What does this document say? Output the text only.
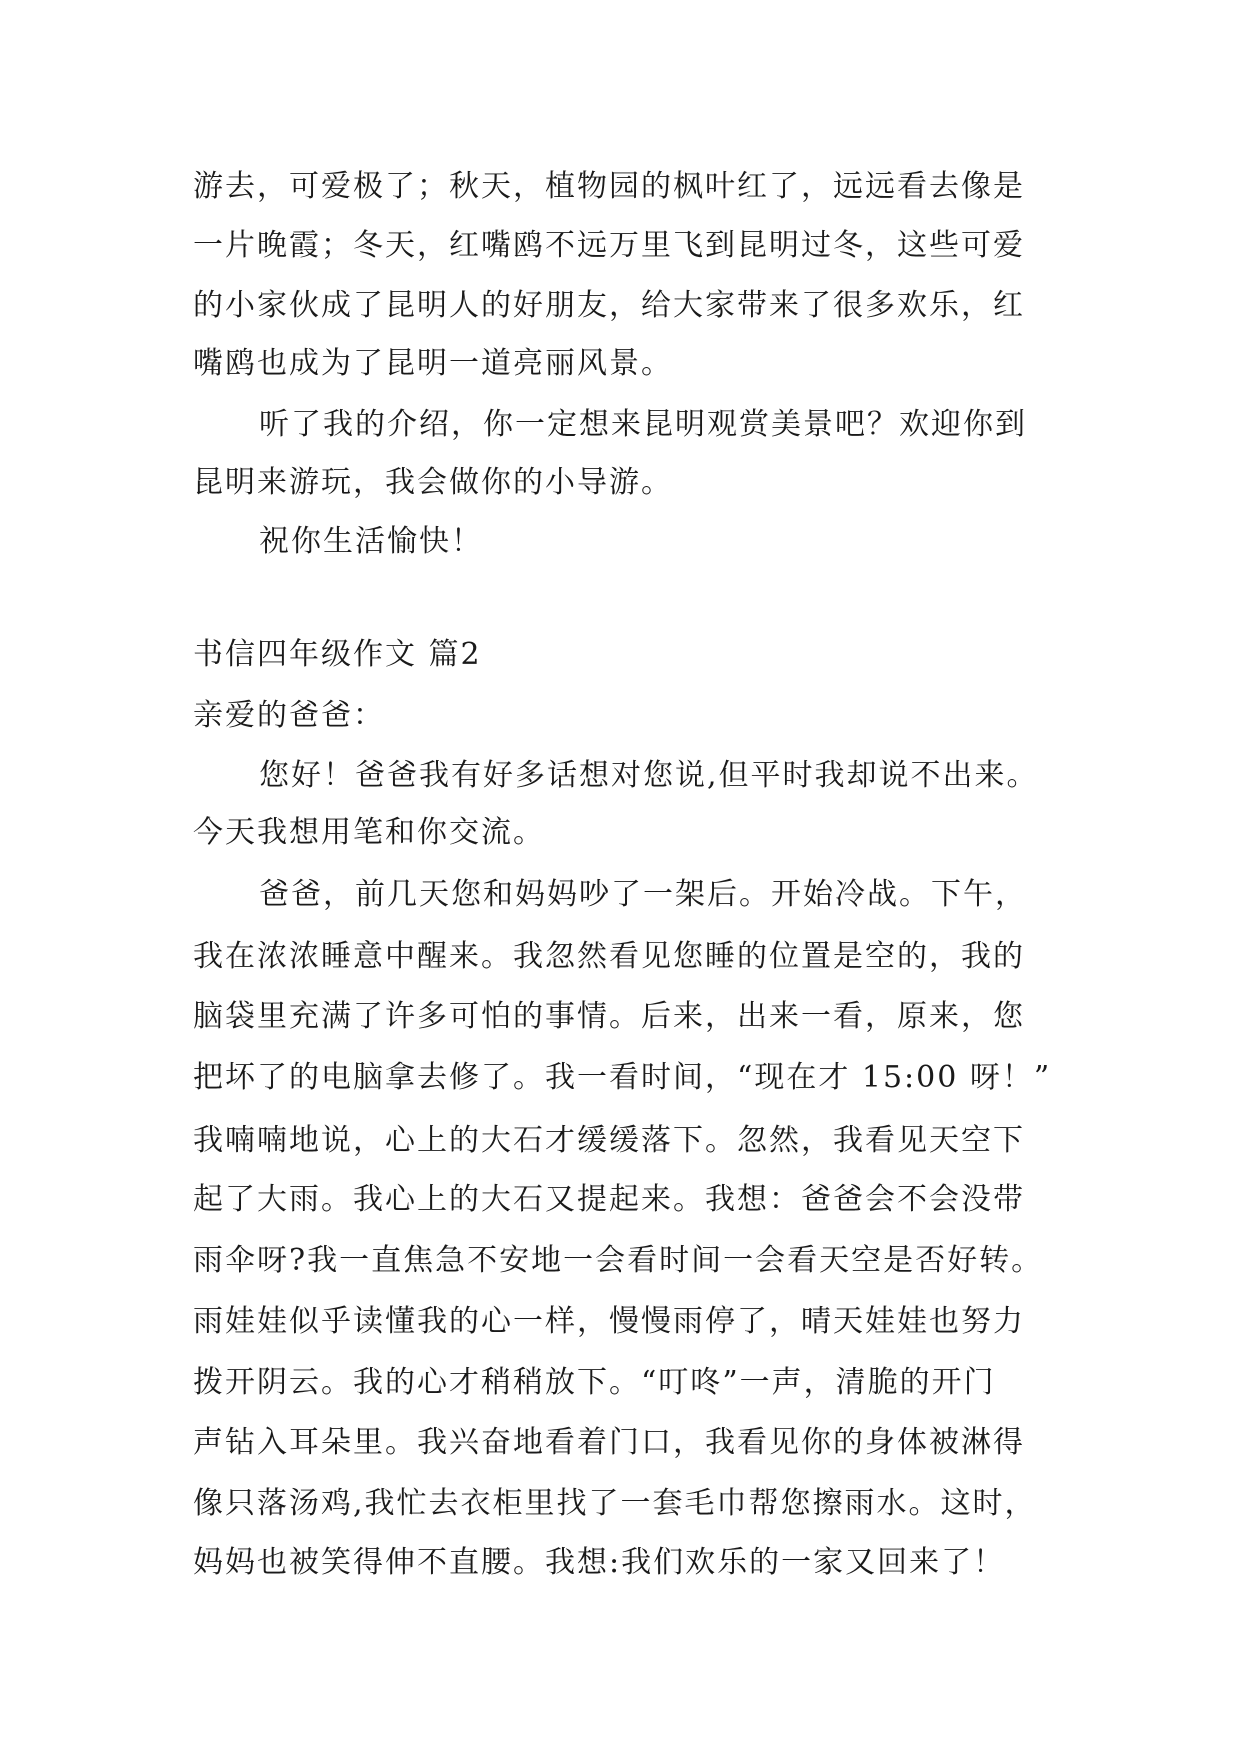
游去，可爱极了；秋天，植物园的枫叶红了，远远看去像是
一片晚霞；冬天，红嘴鸥不远万里飞到昆明过冬，这些可爱
的小家伙成了昆明人的好朋友，给大家带来了很多欢乐，红
嘴鸥也成为了昆明一道亮丽风景。
听了我的介绍，你一定想来昆明观赏美景吧？欢迎你到
昆明来游玩，我会做你的小导游。
祝你生活愉快！
书信四年级作文 篇2
亲爱的爸爸：
您好！爸爸我有好多话想对您说,但平时我却说不出来。
今天我想用笔和你交流。
爸爸，前几天您和妈妈吵了一架后。开始冷战。下午，
我在浓浓睡意中醒来。我忽然看见您睡的位置是空的，我的
脑袋里充满了许多可怕的事情。后来，出来一看，原来，您
把坏了的电脑拿去修了。我一看时间，“现在才 15:00 呀！”
我喃喃地说，心上的大石才缓缓落下。忽然，我看见天空下
起了大雨。我心上的大石又提起来。我想：爸爸会不会没带
雨伞呀?我一直焦急不安地一会看时间一会看天空是否好转。
雨娃娃似乎读懂我的心一样，慢慢雨停了，晴天娃娃也努力
拨开阴云。我的心才稍稍放下。“叮咚”一声，清脆的开门
声钻入耳朵里。我兴奋地看着门口，我看见你的身体被淋得
像只落汤鸡,我忙去衣柜里找了一套毛巾帮您擦雨水。这时，
妈妈也被笑得伸不直腰。我想:我们欢乐的一家又回来了！
